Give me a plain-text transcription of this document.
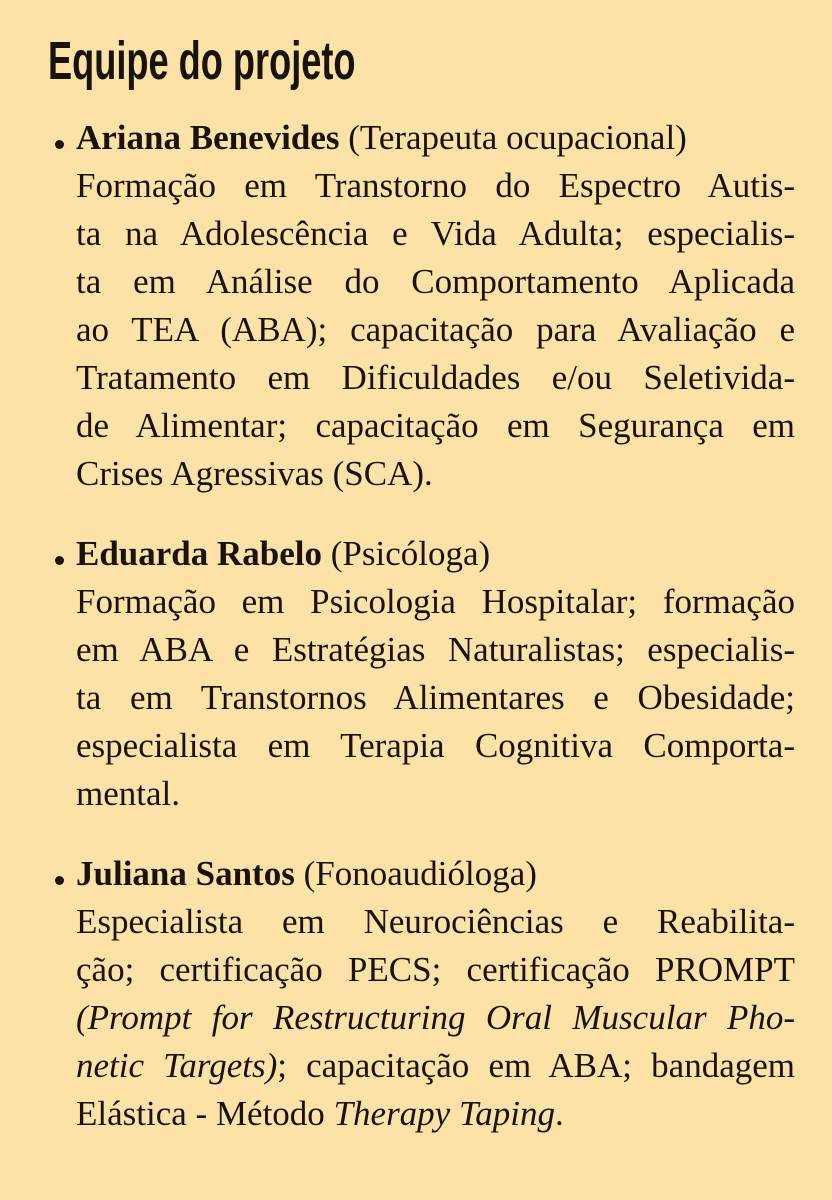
Equipe do projeto
Ariana Benevides (Terapeuta ocupacional)
Formação em Transtorno do Espectro Autis-
ta na Adolescência e Vida Adulta; especialis-
ta em Análise do Comportamento Aplicada
ao TEA (ABA); capacitação para Avaliação e
Tratamento em Dificuldades e/ou Seletivida-
de Alimentar; capacitação em Segurança em
Crises Agressivas (SCA).
Eduarda Rabelo (Psicóloga)
Formação em Psicologia Hospitalar; formação
em ABA e Estratégias Naturalistas; especialis-
ta em Transtornos Alimentares e Obesidade;
especialista em Terapia Cognitiva Comporta-
mental.
Juliana Santos (Fonoaudióloga)
Especialista em Neurociências e Reabilita-
ção; certificação PECS; certificação PROMPT
(Prompt for Restructuring Oral Muscular Pho-
netic Targets); capacitação em ABA; bandagem
Elástica - Método Therapy Taping.
